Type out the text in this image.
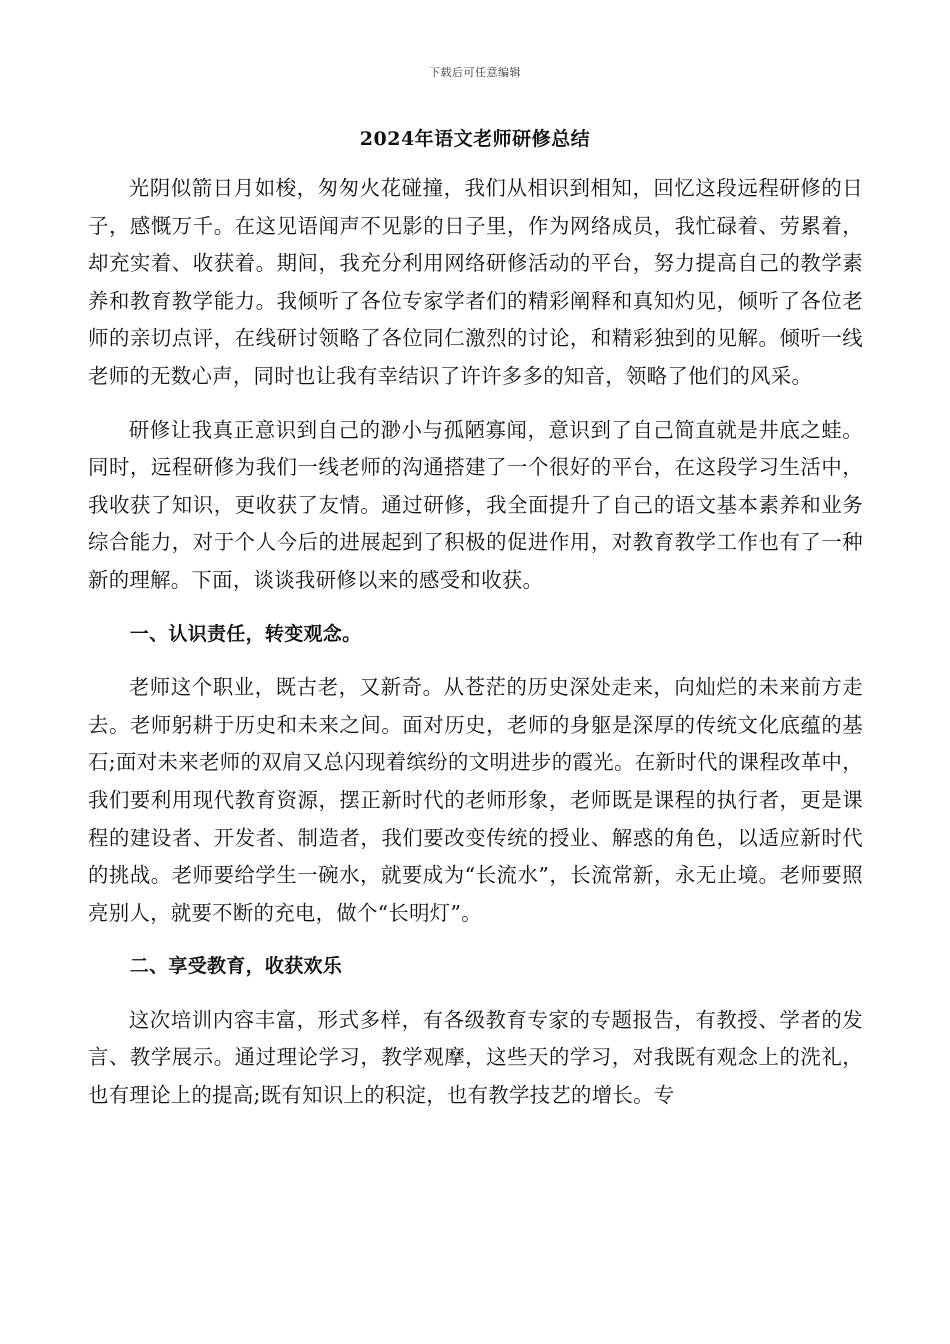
下载后可任意编辑
2024年语文老师研修总结

光阴似箭日月如梭，匆匆火花碰撞，我们从相识到相知，回忆这段远程研修的日子，感慨万千。在这见语闻声不见影的日子里，作为网络成员，我忙碌着、劳累着，却充实着、收获着。期间，我充分利用网络研修活动的平台，努力提高自己的教学素养和教育教学能力。我倾听了各位专家学者们的精彩阐释和真知灼见，倾听了各位老师的亲切点评，在线研讨领略了各位同仁激烈的讨论，和精彩独到的见解。倾听一线老师的无数心声，同时也让我有幸结识了许许多多的知音，领略了他们的风采。

研修让我真正意识到自己的渺小与孤陋寡闻，意识到了自己简直就是井底之蛙。同时，远程研修为我们一线老师的沟通搭建了一个很好的平台，在这段学习生活中，我收获了知识，更收获了友情。通过研修，我全面提升了自己的语文基本素养和业务综合能力，对于个人今后的进展起到了积极的促进作用，对教育教学工作也有了一种新的理解。下面，谈谈我研修以来的感受和收获。

一、认识责任，转变观念。

老师这个职业，既古老，又新奇。从苍茫的历史深处走来，向灿烂的未来前方走去。老师躬耕于历史和未来之间。面对历史，老师的身躯是深厚的传统文化底蕴的基石;面对未来老师的双肩又总闪现着缤纷的文明进步的霞光。在新时代的课程改革中，我们要利用现代教育资源，摆正新时代的老师形象，老师既是课程的执行者，更是课程的建设者、开发者、制造者，我们要改变传统的授业、解惑的角色，以适应新时代的挑战。老师要给学生一碗水，就要成为“长流水”，长流常新，永无止境。老师要照亮别人，就要不断的充电，做个“长明灯”。

二、享受教育，收获欢乐

这次培训内容丰富，形式多样，有各级教育专家的专题报告，有教授、学者的发言、教学展示。通过理论学习，教学观摩，这些天的学习，对我既有观念上的洗礼，也有理论上的提高;既有知识上的积淀，也有教学技艺的增长。专
